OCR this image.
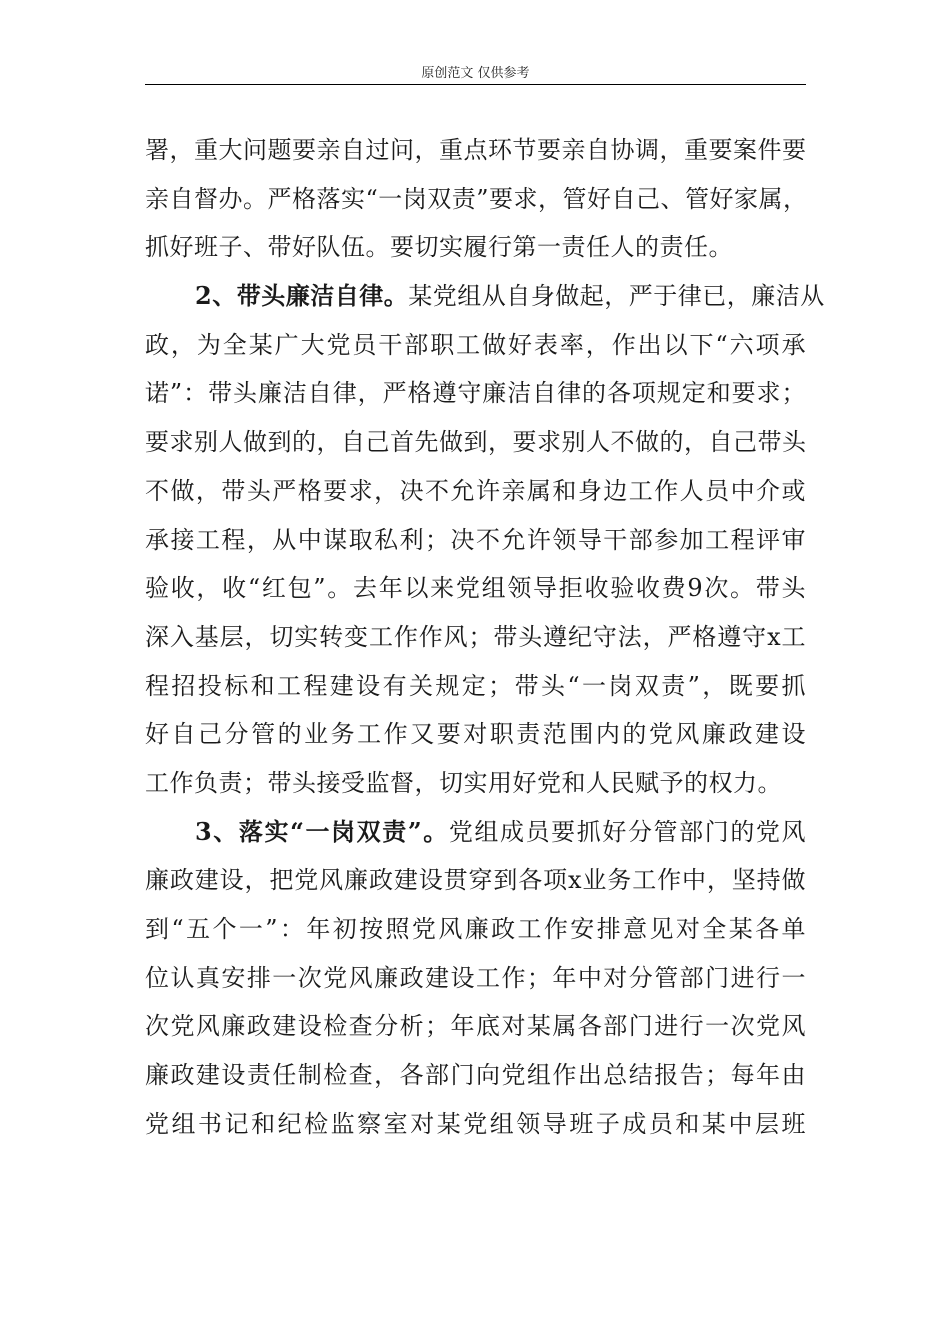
原创范文 仅供参考
署，重大问题要亲自过问，重点环节要亲自协调，重要案件要
亲自督办。严格落实“一岗双责”要求，管好自己、管好家属，
抓好班子、带好队伍。要切实履行第一责任人的责任。
2、带头廉洁自律。某党组从自身做起，严于律已，廉洁从
政，为全某广大党员干部职工做好表率，作出以下“六项承
诺”：带头廉洁自律，严格遵守廉洁自律的各项规定和要求；
要求别人做到的，自己首先做到，要求别人不做的，自己带头
不做，带头严格要求，决不允许亲属和身边工作人员中介或
承接工程，从中谋取私利；决不允许领导干部参加工程评审
验收，收“红包”。去年以来党组领导拒收验收费9次。带头
深入基层，切实转变工作作风；带头遵纪守法，严格遵守x工
程招投标和工程建设有关规定；带头“一岗双责”，既要抓
好自己分管的业务工作又要对职责范围内的党风廉政建设
工作负责；带头接受监督，切实用好党和人民赋予的权力。
3、落实“一岗双责”。党组成员要抓好分管部门的党风
廉政建设，把党风廉政建设贯穿到各项x业务工作中，坚持做
到“五个一”：年初按照党风廉政工作安排意见对全某各单
位认真安排一次党风廉政建设工作；年中对分管部门进行一
次党风廉政建设检查分析；年底对某属各部门进行一次党风
廉政建设责任制检查，各部门向党组作出总结报告；每年由
党组书记和纪检监察室对某党组领导班子成员和某中层班
